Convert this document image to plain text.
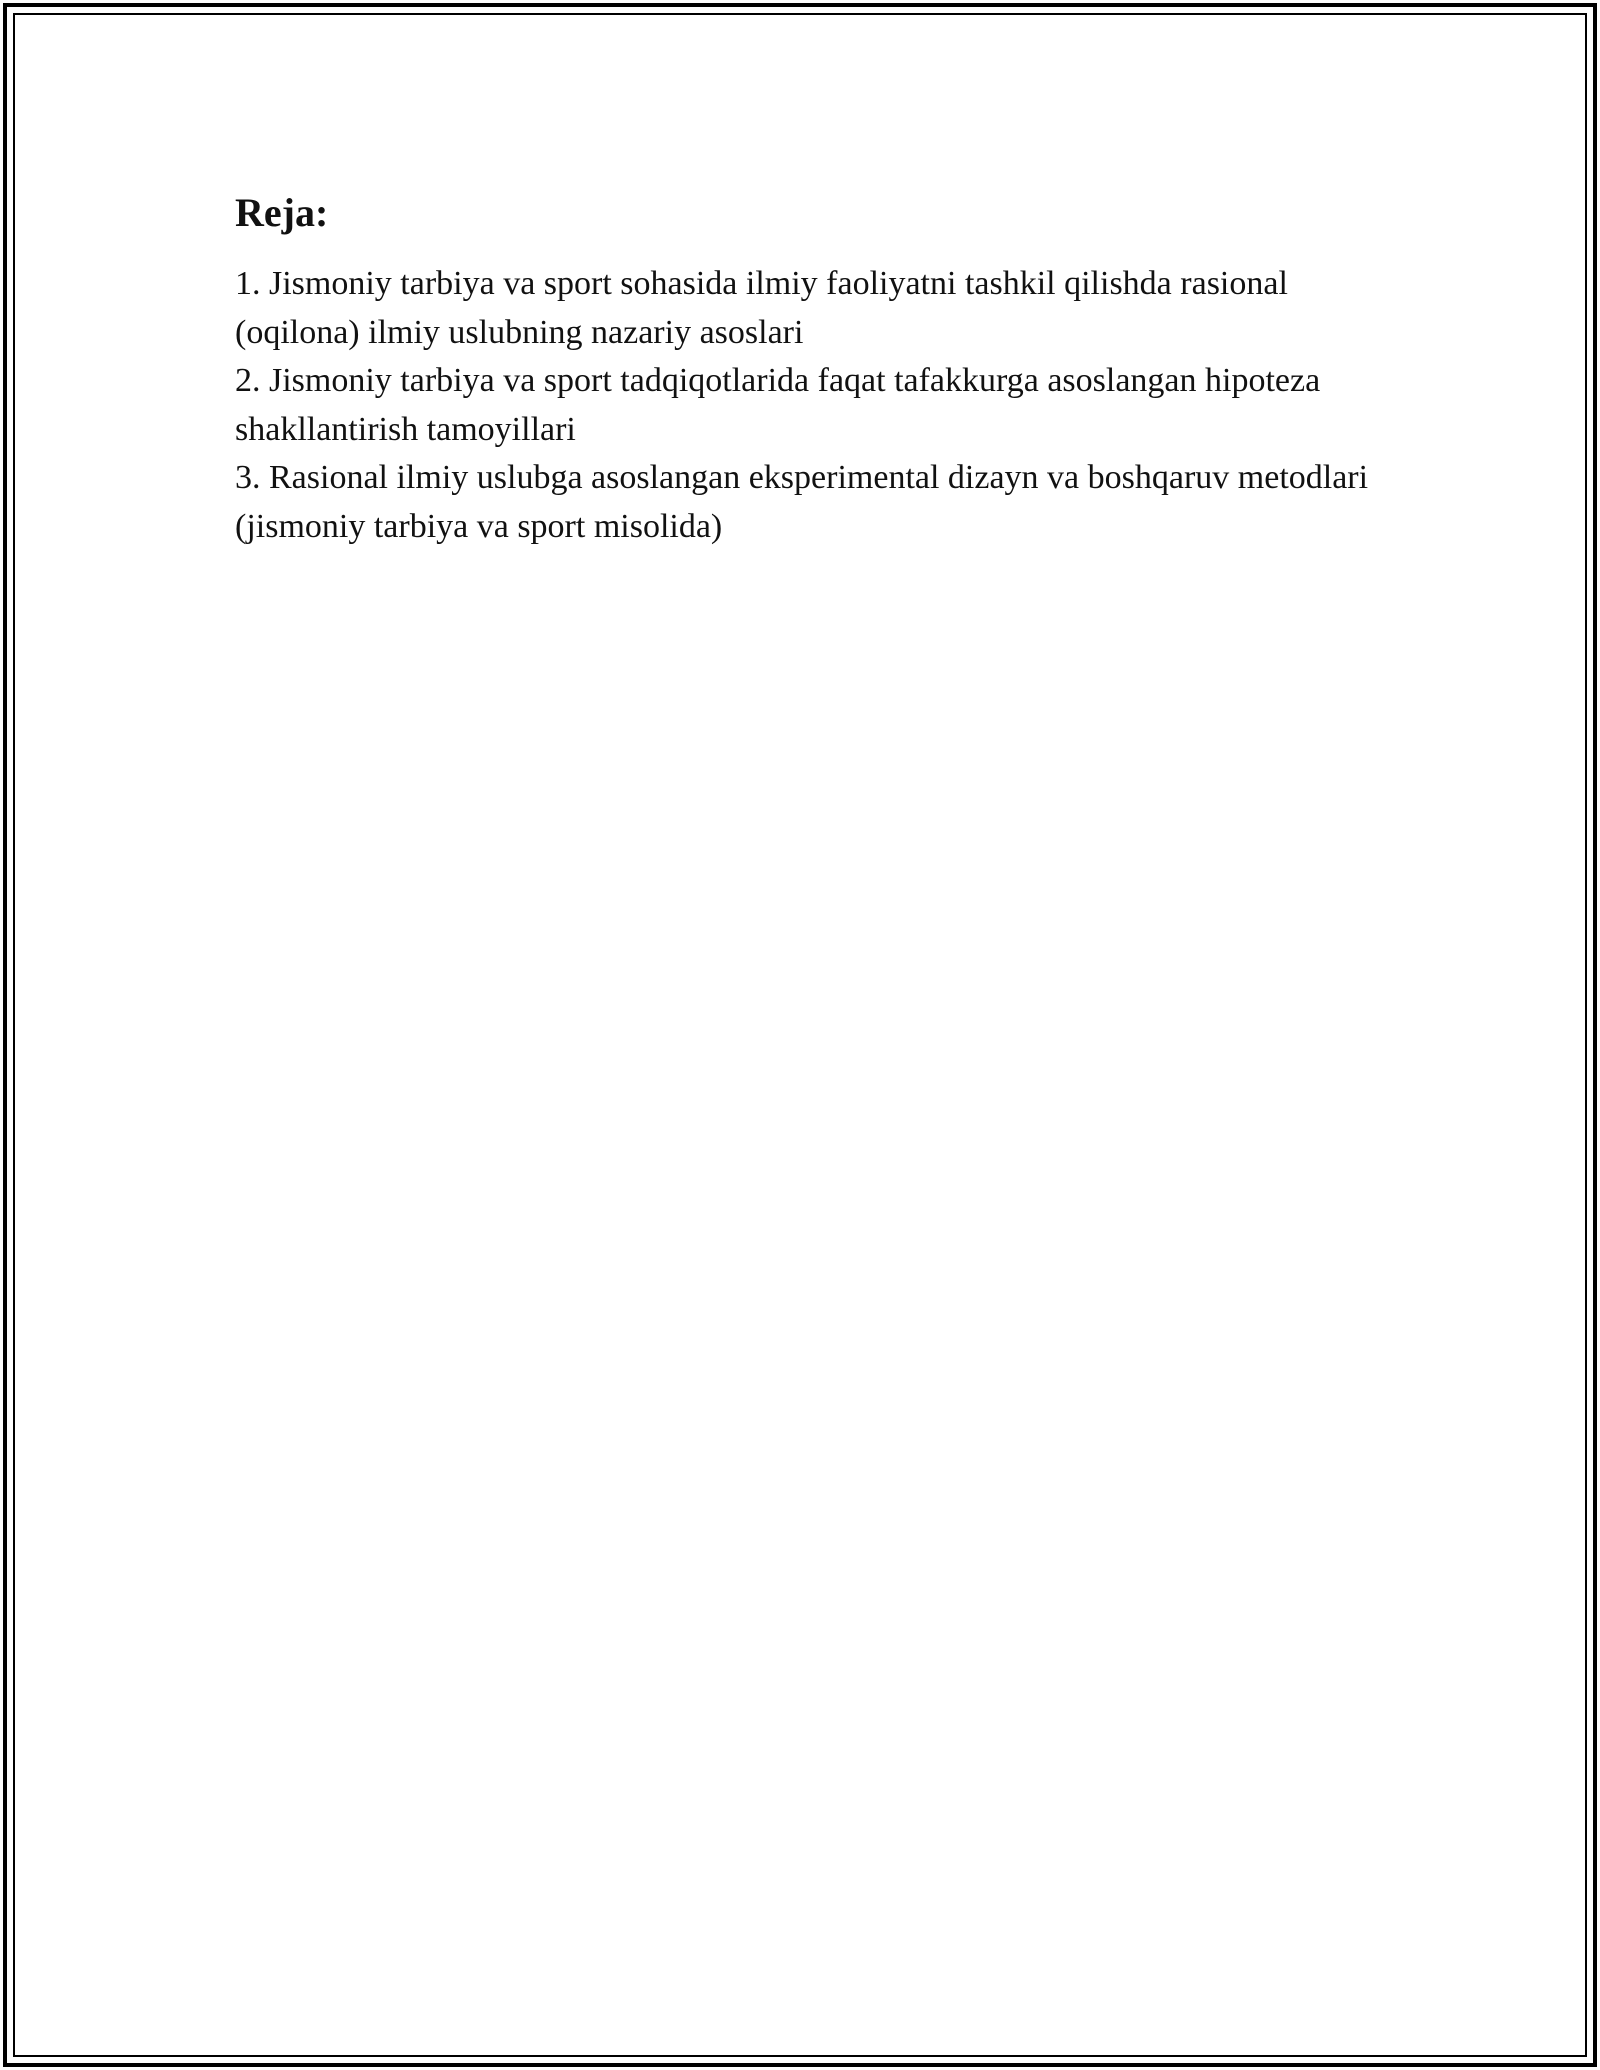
Reja:
1. Jismoniy tarbiya va sport sohasida ilmiy faoliyatni tashkil qilishda rasional (oqilona) ilmiy uslubning nazariy asoslari
2. Jismoniy tarbiya va sport tadqiqotlarida faqat tafakkurga asoslangan hipoteza shakllantirish tamoyillari
3. Rasional ilmiy uslubga asoslangan eksperimental dizayn va boshqaruv metodlari (jismoniy tarbiya va sport misolida)
